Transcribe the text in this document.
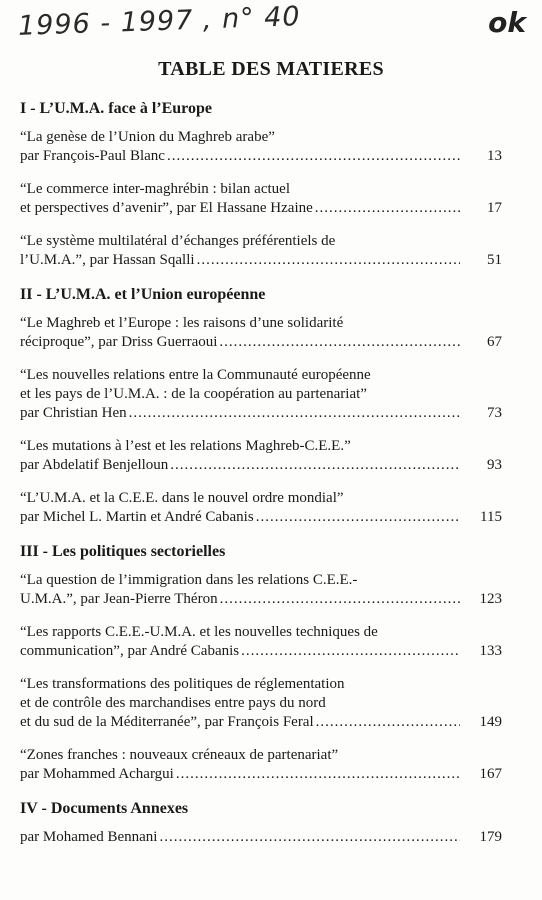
1996 - 1997 , n° 40	ok
TABLE DES MATIERES
I - L’U.M.A. face à l’Europe
“La genèse de l’Union du Maghreb arabe”
par François-Paul Blanc .....	13
“Le commerce inter-maghrébin : bilan actuel
et perspectives d’avenir”, par El Hassane Hzaine .....	17
“Le système multilatéral d’échanges préférentiels de
l’U.M.A.”, par Hassan Sqalli .....	51
II - L’U.M.A. et l’Union européenne
“Le Maghreb et l’Europe : les raisons d’une solidarité
réciproque”, par Driss Guerraoui .....	67
“Les nouvelles relations entre la Communauté européenne
et les pays de l’U.M.A. : de la coopération au partenariat”
par Christian Hen .....	73
“Les mutations à l’est et les relations Maghreb-C.E.E.”
par Abdelatif Benjelloun .....	93
“L’U.M.A. et la C.E.E. dans le nouvel ordre mondial”
par Michel L. Martin et André Cabanis .....	115
III - Les politiques sectorielles
“La question de l’immigration dans les relations C.E.E.-
U.M.A.”, par Jean-Pierre Théron .....	123
“Les rapports C.E.E.-U.M.A. et les nouvelles techniques de
communication”, par André Cabanis .....	133
“Les transformations des politiques de réglementation
et de contrôle des marchandises entre pays du nord
et du sud de la Méditerranée”, par François Feral .....	149
“Zones franches : nouveaux créneaux de partenariat”
par Mohammed Achargui .....	167
IV - Documents Annexes
par Mohamed Bennani .....	179
